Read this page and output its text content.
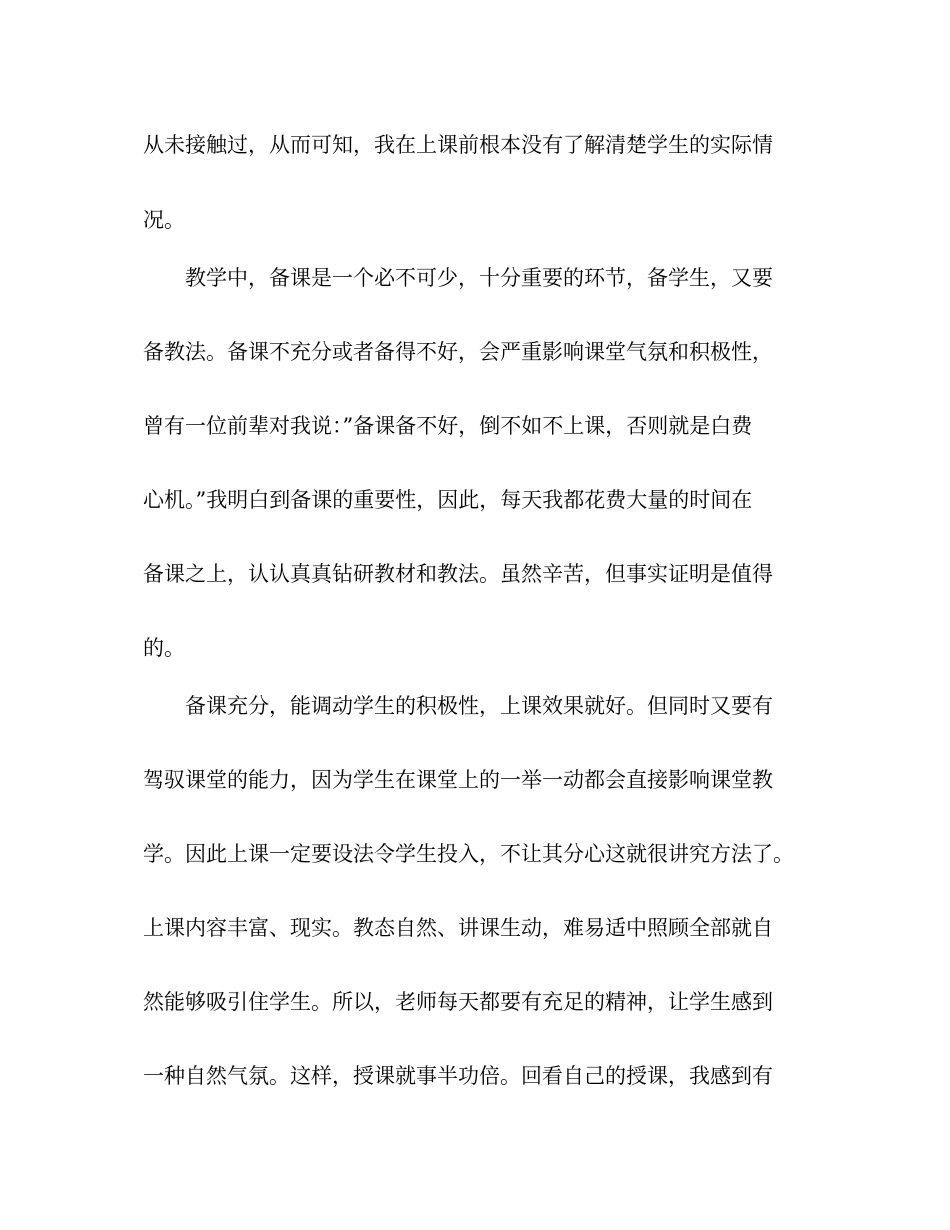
从未接触过，从而可知，我在上课前根本没有了解清楚学生的实际情
况。
　　教学中，备课是一个必不可少，十分重要的环节，备学生，又要
备教法。备课不充分或者备得不好，会严重影响课堂气氛和积极性，
曾有一位前辈对我说：”备课备不好，倒不如不上课，否则就是白费
心机。”我明白到备课的重要性，因此，每天我都花费大量的时间在
备课之上，认认真真钻研教材和教法。虽然辛苦，但事实证明是值得
的。
　　备课充分，能调动学生的积极性，上课效果就好。但同时又要有
驾驭课堂的能力，因为学生在课堂上的一举一动都会直接影响课堂教
学。因此上课一定要设法令学生投入，不让其分心这就很讲究方法了。
上课内容丰富、现实。教态自然、讲课生动，难易适中照顾全部就自
然能够吸引住学生。所以，老师每天都要有充足的精神，让学生感到
一种自然气氛。这样，授课就事半功倍。回看自己的授课，我感到有
